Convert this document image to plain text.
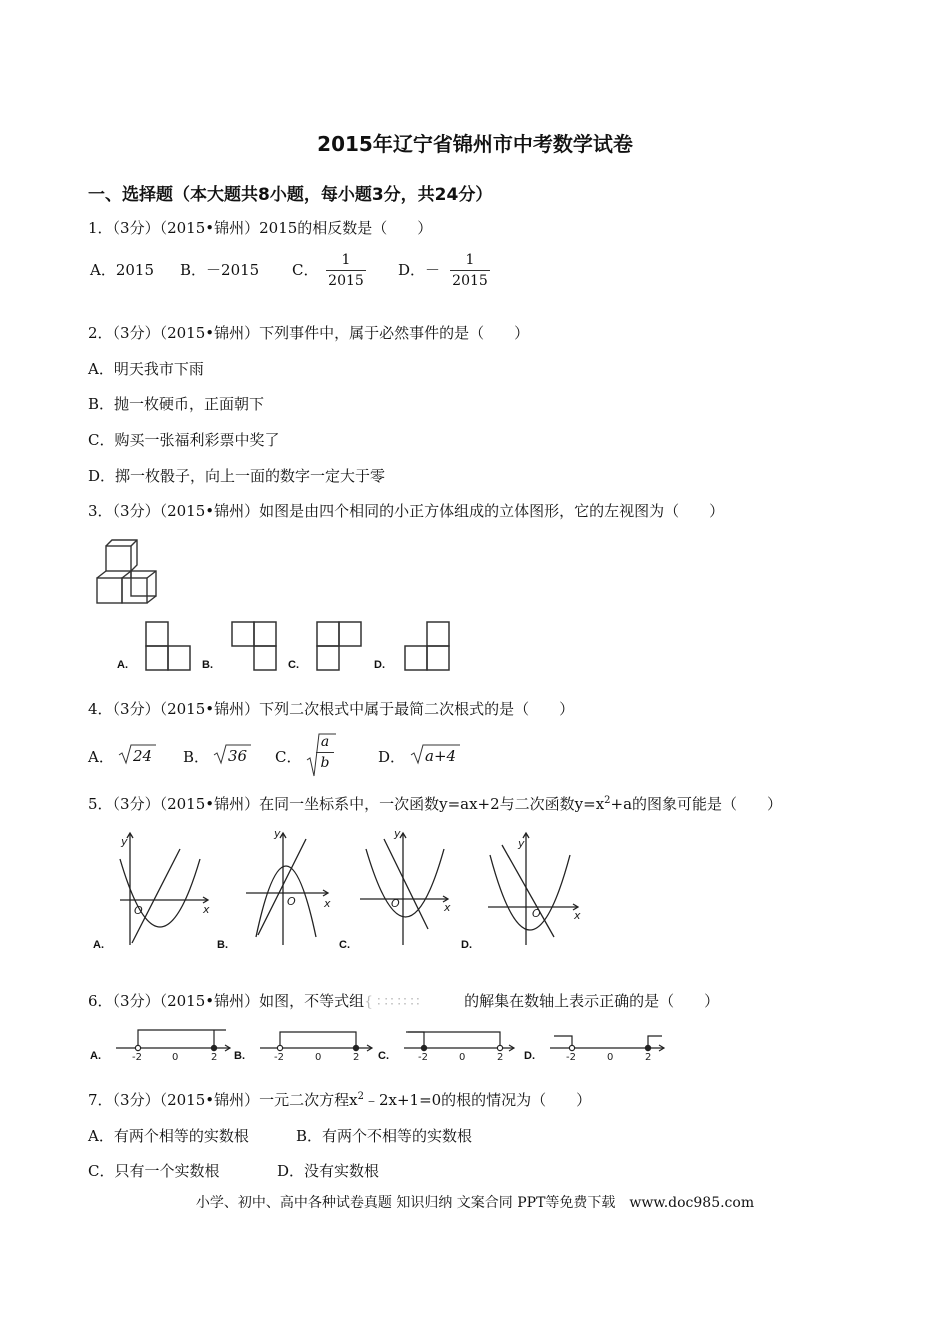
2015年辽宁省锦州市中考数学试卷
一、选择题（本大题共8小题，每小题3分，共24分）
1．（3分）（2015•锦州）2015的相反数是（　　）
A．2015 B．－2015 C． $\frac{1}{2015}$ D．－ $\frac{1}{2015}$
2．（3分）（2015•锦州）下列事件中，属于必然事件的是（　　）
A．明天我市下雨
B．抛一枚硬币，正面朝下
C．购买一张福利彩票中奖了
D．掷一枚骰子，向上一面的数字一定大于零
3．（3分）（2015•锦州）如图是由四个相同的小正方体组成的立体图形，它的左视图为（　　）
A.	B.	C.	D.
4．（3分）（2015•锦州）下列二次根式中属于最简二次根式的是（　　）
A． 24 B． 36 C． $\frac{a}{b}$	D． a+4
5．（3分）（2015•锦州）在同一坐标系中，一次函数y=ax+2与二次函数$y=x^2+a$的图象可能是（　　）
y
x
O
y
x
O
y
x
O
y
x
O
A.	B.	C.	D.
6．（3分）（2015•锦州）如图，不等式组{∶∷∷∷	的解集在数轴上表示正确的是（　　）
-2	0	2	-2	0	2	-2	0	2	-2	0	2
A.	B.	C.	D.
7．（3分）（2015•锦州）一元二次方程$x^2﹣2x+1=0$的根的情况为（　　）
A．有两个相等的实数根	B．有两个不相等的实数根
C．只有一个实数根	D．没有实数根
小学、初中、高中各种试卷真题 知识归纳 文案合同 PPT等免费下载　www.doc985.com
